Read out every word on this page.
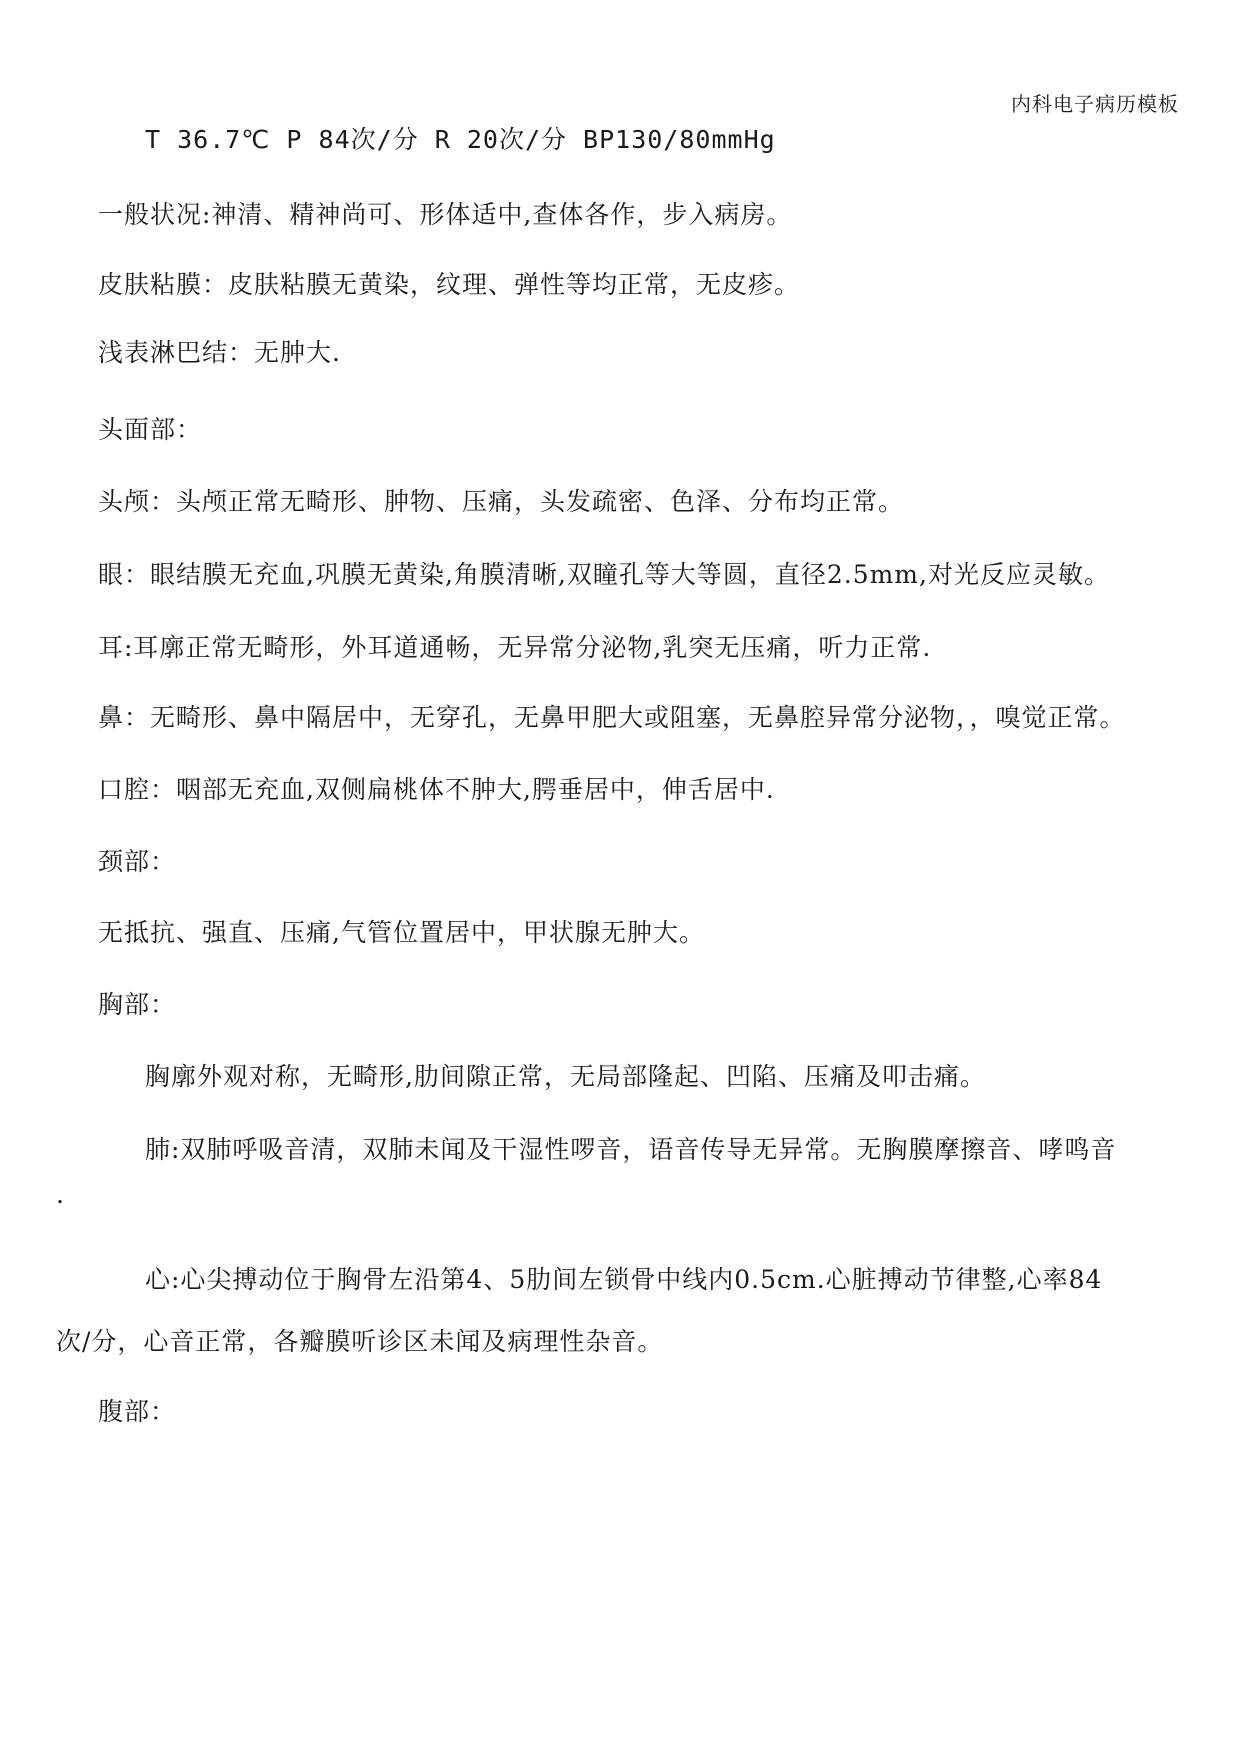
内科电子病历模板
T 36.7℃ P 84次/分 R 20次/分 BP130/80mmHg
一般状况:神清、精神尚可、形体适中,查体各作，步入病房。
皮肤粘膜：皮肤粘膜无黄染，纹理、弹性等均正常，无皮疹。
浅表淋巴结：无肿大.
头面部：
头颅：头颅正常无畸形、肿物、压痛，头发疏密、色泽、分布均正常。
眼：眼结膜无充血,巩膜无黄染,角膜清晰,双瞳孔等大等圆，直径2.5mm,对光反应灵敏。
耳:耳廓正常无畸形，外耳道通畅，无异常分泌物,乳突无压痛，听力正常.
鼻：无畸形、鼻中隔居中，无穿孔，无鼻甲肥大或阻塞，无鼻腔异常分泌物，，嗅觉正常。
口腔：咽部无充血,双侧扁桃体不肿大,腭垂居中，伸舌居中.
颈部：
无抵抗、强直、压痛,气管位置居中，甲状腺无肿大。
胸部：
胸廓外观对称，无畸形,肋间隙正常，无局部隆起、凹陷、压痛及叩击痛。
肺:双肺呼吸音清，双肺未闻及干湿性啰音，语音传导无异常。无胸膜摩擦音、哮鸣音
.
心:心尖搏动位于胸骨左沿第4、5肋间左锁骨中线内0.5cm.心脏搏动节律整,心率84
次/分，心音正常，各瓣膜听诊区未闻及病理性杂音。
腹部：
